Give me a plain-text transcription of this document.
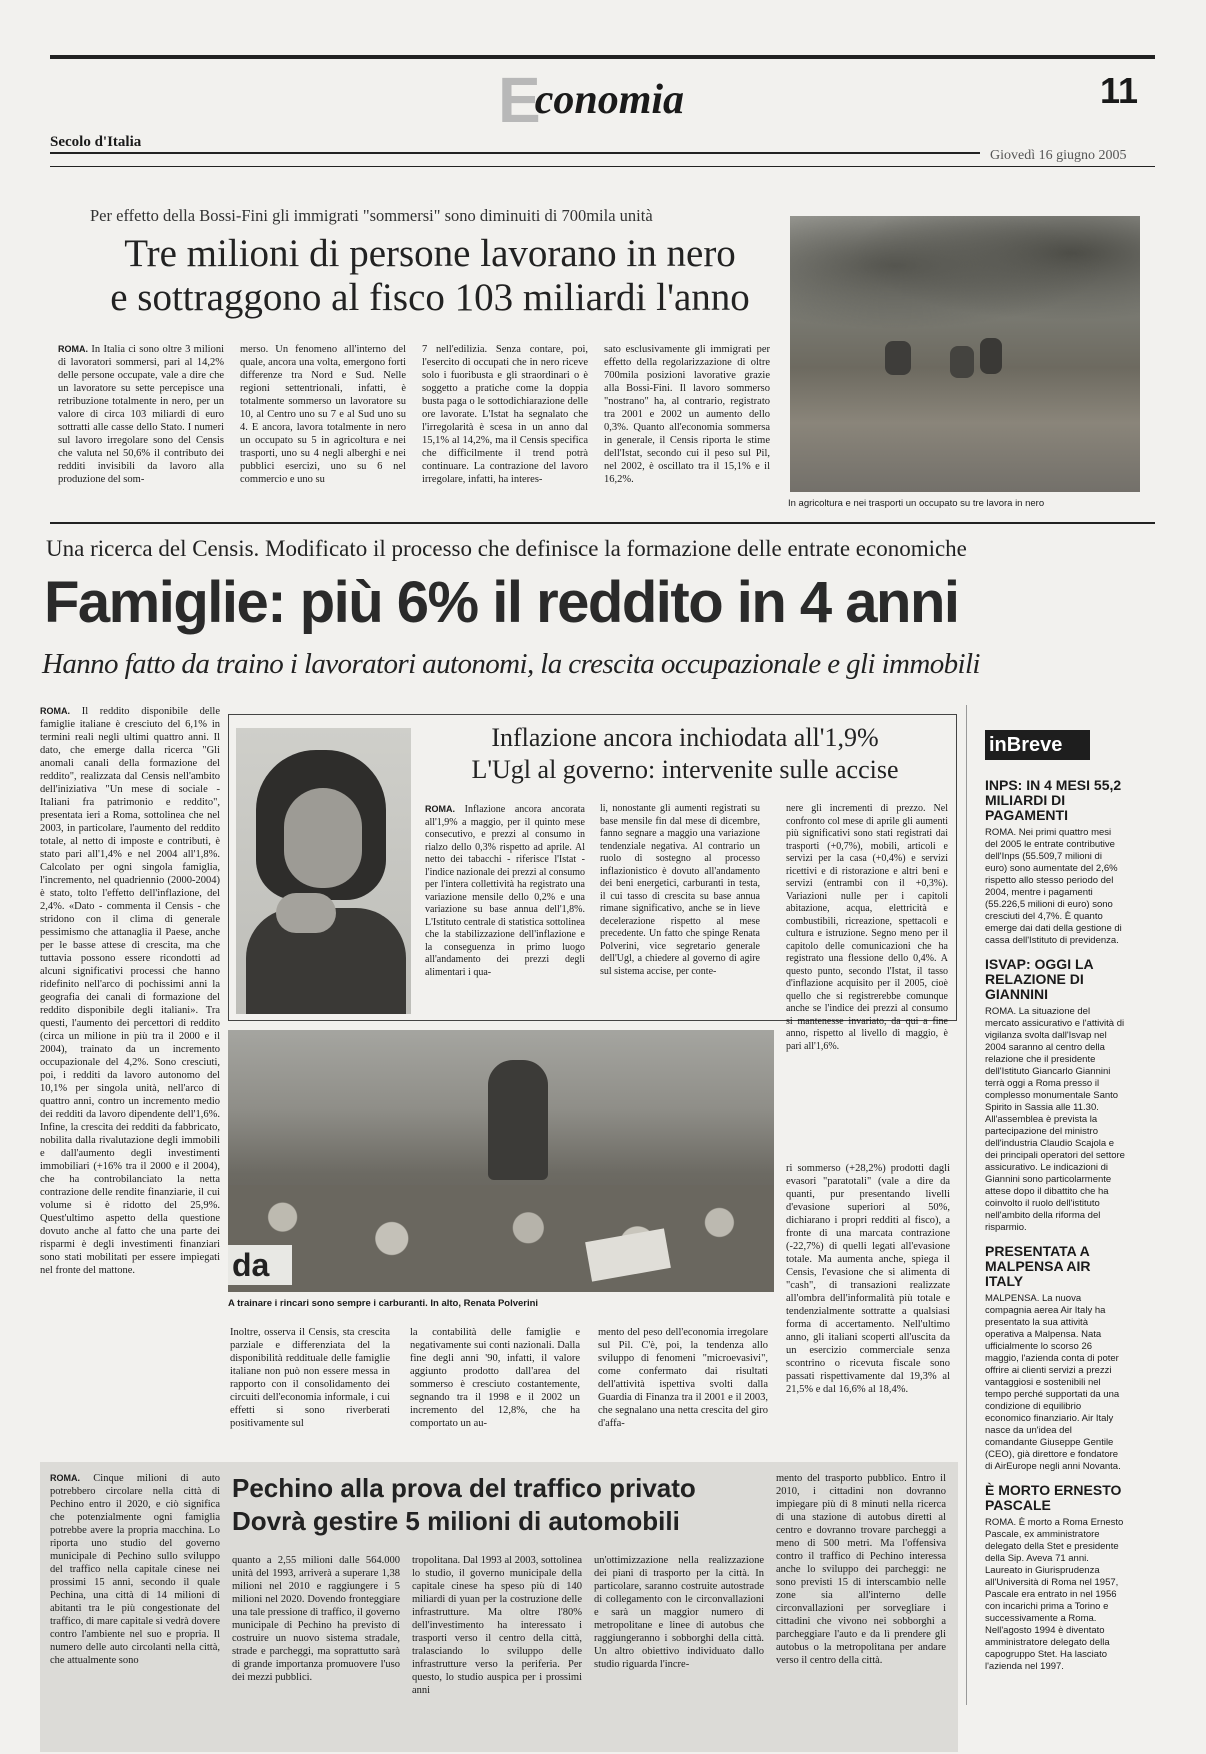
Economia	11
Secolo d'Italia
Giovedì 16 giugno 2005
Per effetto della Bossi-Fini gli immigrati "sommersi" sono diminuiti di 700mila unità
Tre milioni di persone lavorano in nero
e sottraggono al fisco 103 miliardi l'anno
ROMA. In Italia ci sono oltre 3 milioni di lavoratori sommersi, pari al 14,2% delle persone occupate, vale a dire che un lavoratore su sette percepisce una retribuzione totalmente in nero, per un valore di circa 103 miliardi di euro sottratti alle casse dello Stato. I numeri sul lavoro irregolare sono del Censis che valuta nel 50,6% il contributo dei redditi invisibili da lavoro alla produzione del som-
merso. Un fenomeno all'interno del quale, ancora una volta, emergono forti differenze tra Nord e Sud. Nelle regioni settentrionali, infatti, è totalmente sommerso un lavoratore su 10, al Centro uno su 7 e al Sud uno su 4. E ancora, lavora totalmente in nero un occupato su 5 in agricoltura e nei trasporti, uno su 4 negli alberghi e nei pubblici esercizi, uno su 6 nel commercio e uno su
7 nell'edilizia. Senza contare, poi, l'esercito di occupati che in nero riceve solo i fuoribusta e gli straordinari o è soggetto a pratiche come la doppia busta paga o le sottodichiarazione delle ore lavorate. L'Istat ha segnalato che l'irregolarità è scesa in un anno dal 15,1% al 14,2%, ma il Censis specifica che difficilmente il trend potrà continuare. La contrazione del lavoro irregolare, infatti, ha interes-
sato esclusivamente gli immigrati per effetto della regolarizzazione di oltre 700mila posizioni lavorative grazie alla Bossi-Fini. Il lavoro sommerso "nostrano" ha, al contrario, registrato tra 2001 e 2002 un aumento dello 0,3%. Quanto all'economia sommersa in generale, il Censis riporta le stime dell'Istat, secondo cui il peso sul Pil, nel 2002, è oscillato tra il 15,1% e il 16,2%.
In agricoltura e nei trasporti un occupato su tre lavora in nero
Una ricerca del Censis. Modificato il processo che definisce la formazione delle entrate economiche
Famiglie: più 6% il reddito in 4 anni
Hanno fatto da traino i lavoratori autonomi, la crescita occupazionale e gli immobili
ROMA. Il reddito disponibile delle famiglie italiane è cresciuto del 6,1% in termini reali negli ultimi quattro anni. Il dato, che emerge dalla ricerca "Gli anomali canali della formazione del reddito", realizzata dal Censis nell'ambito dell'iniziativa "Un mese di sociale - Italiani fra patrimonio e reddito", presentata ieri a Roma, sottolinea che nel 2003, in particolare, l'aumento del reddito totale, al netto di imposte e contributi, è stato pari all'1,4% e nel 2004 all'1,8%. Calcolato per ogni singola famiglia, l'incremento, nel quadriennio (2000-2004) è stato, tolto l'effetto dell'inflazione, del 2,4%. «Dato - commenta il Censis - che stridono con il clima di generale pessimismo che attanaglia il Paese, anche per le basse attese di crescita, ma che tuttavia possono essere ricondotti ad alcuni significativi processi che hanno ridefinito nell'arco di pochissimi anni la geografia dei canali di formazione del reddito disponibile degli italiani». Tra questi, l'aumento dei percettori di reddito (circa un milione in più tra il 2000 e il 2004), trainato da un incremento occupazionale del 4,2%. Sono cresciuti, poi, i redditi da lavoro autonomo del 10,1% per singola unità, nell'arco di quattro anni, contro un incremento medio dei redditi da lavoro dipendente dell'1,6%. Infine, la crescita dei redditi da fabbricato, nobilita dalla rivalutazione degli immobili e dall'aumento degli investimenti immobiliari (+16% tra il 2000 e il 2004), che ha controbilanciato la netta contrazione delle rendite finanziarie, il cui volume si è ridotto del 25,9%. Quest'ultimo aspetto della questione dovuto anche al fatto che una parte dei risparmi è degli investimenti finanziari sono stati mobilitati per essere impiegati nel fronte del mattone.
Inflazione ancora inchiodata all'1,9%
L'Ugl al governo: intervenite sulle accise
ROMA. Inflazione ancora ancorata all'1,9% a maggio, per il quinto mese consecutivo, e prezzi al consumo in rialzo dello 0,3% rispetto ad aprile. Al netto dei tabacchi - riferisce l'Istat - l'indice nazionale dei prezzi al consumo per l'intera collettività ha registrato una variazione mensile dello 0,2% e una variazione su base annua dell'1,8%. L'Istituto centrale di statistica sottolinea che la stabilizzazione dell'inflazione e la conseguenza in primo luogo all'andamento dei prezzi degli alimentari i qua-
li, nonostante gli aumenti registrati su base mensile fin dal mese di dicembre, fanno segnare a maggio una variazione tendenziale negativa. Al contrario un ruolo di sostegno al processo inflazionistico è dovuto all'andamento dei beni energetici, carburanti in testa, il cui tasso di crescita su base annua rimane significativo, anche se in lieve decelerazione rispetto al mese precedente. Un fatto che spinge Renata Polverini, vice segretario generale dell'Ugl, a chiedere al governo di agire sul sistema accise, per conte-
nere gli incrementi di prezzo. Nel confronto col mese di aprile gli aumenti più significativi sono stati registrati dai trasporti (+0,7%), mobili, articoli e servizi per la casa (+0,4%) e servizi ricettivi e di ristorazione e altri beni e servizi (entrambi con il +0,3%). Variazioni nulle per i capitoli abitazione, acqua, elettricità e combustibili, ricreazione, spettacoli e cultura e istruzione. Segno meno per il capitolo delle comunicazioni che ha registrato una flessione dello 0,4%. A questo punto, secondo l'Istat, il tasso d'inflazione acquisito per il 2005, cioè quello che si registrerebbe comunque anche se l'indice dei prezzi al consumo si mantenesse invariato, da qui a fine anno, rispetto al livello di maggio, è pari all'1,6%.
da
A trainare i rincari sono sempre i carburanti. In alto, Renata Polverini
ri sommerso (+28,2%) prodotti dagli evasori "paratotali" (vale a dire da quanti, pur presentando livelli d'evasione superiori al 50%, dichiarano i propri redditi al fisco), a fronte di una marcata contrazione (-22,7%) di quelli legati all'evasione totale. Ma aumenta anche, spiega il Censis, l'evasione che si alimenta di "cash", di transazioni realizzate all'ombra dell'informalità più totale e tendenzialmente sottratte a qualsiasi forma di accertamento. Nell'ultimo anno, gli italiani scoperti all'uscita da un esercizio commerciale senza scontrino o ricevuta fiscale sono passati rispettivamente dal 19,3% al 21,5% e dal 16,6% al 18,4%.
Inoltre, osserva il Censis, sta crescita parziale e differenziata del la disponibilità reddituale delle famiglie italiane non può non essere messa in rapporto con il consolidamento dei circuiti dell'economia informale, i cui effetti si sono riverberati positivamente sul
la contabilità delle famiglie e negativamente sui conti nazionali. Dalla fine degli anni '90, infatti, il valore aggiunto prodotto dall'area del sommerso è cresciuto costantemente, segnando tra il 1998 e il 2002 un incremento del 12,8%, che ha comportato un au-
mento del peso dell'economia irregolare sul Pil. C'è, poi, la tendenza allo sviluppo di fenomeni "microevasivi", come confermato dai risultati dell'attività ispettiva svolti dalla Guardia di Finanza tra il 2001 e il 2003, che segnalano una netta crescita del giro d'affa-
inBreve
INPS: IN 4 MESI 55,2 MILIARDI DI PAGAMENTI
ROMA. Nei primi quattro mesi del 2005 le entrate contributive dell'Inps (55.509,7 milioni di euro) sono aumentate del 2,6% rispetto allo stesso periodo del 2004, mentre i pagamenti (55.226,5 milioni di euro) sono cresciuti del 4,7%. È quanto emerge dai dati della gestione di cassa dell'Istituto di previdenza.
ISVAP: OGGI LA RELAZIONE DI GIANNINI
ROMA. La situazione del mercato assicurativo e l'attività di vigilanza svolta dall'Isvap nel 2004 saranno al centro della relazione che il presidente dell'Istituto Giancarlo Giannini terrà oggi a Roma presso il complesso monumentale Santo Spirito in Sassia alle 11.30. All'assemblea è prevista la partecipazione del ministro dell'industria Claudio Scajola e dei principali operatori del settore assicurativo. Le indicazioni di Giannini sono particolarmente attese dopo il dibattito che ha coinvolto il ruolo dell'istituto nell'ambito della riforma del risparmio.
PRESENTATA A MALPENSA AIR ITALY
MALPENSA. La nuova compagnia aerea Air Italy ha presentato la sua attività operativa a Malpensa. Nata ufficialmente lo scorso 26 maggio, l'azienda conta di poter offrire ai clienti servizi a prezzi vantaggiosi e sostenibili nel tempo perché supportati da una condizione di equilibrio economico finanziario. Air Italy nasce da un'idea del comandante Giuseppe Gentile (CEO), già direttore e fondatore di AirEurope negli anni Novanta.
È MORTO ERNESTO PASCALE
ROMA. È morto a Roma Ernesto Pascale, ex amministratore delegato della Stet e presidente della Sip. Aveva 71 anni. Laureato in Giurisprudenza all'Università di Roma nel 1957, Pascale era entrato in nel 1956 con incarichi prima a Torino e successivamente a Roma. Nell'agosto 1994 è diventato amministratore delegato della capogruppo Stet. Ha lasciato l'azienda nel 1997.
ROMA. Cinque milioni di auto potrebbero circolare nella città di Pechino entro il 2020, e ciò significa che potenzialmente ogni famiglia potrebbe avere la propria macchina. Lo riporta uno studio del governo municipale di Pechino sullo sviluppo del traffico nella capitale cinese nei prossimi 15 anni, secondo il quale Pechina, una città di 14 milioni di abitanti tra le più congestionate del traffico, di mare capitale si vedrà dovere contro l'ambiente nel suo e propria. Il numero delle auto circolanti nella città, che attualmente sono
Pechino alla prova del traffico privato
Dovrà gestire 5 milioni di automobili
quanto a 2,55 milioni dalle 564.000 unità del 1993, arriverà a superare 1,38 milioni nel 2010 e raggiungere i 5 milioni nel 2020. Dovendo fronteggiare una tale pressione di traffico, il governo municipale di Pechino ha previsto di costruire un nuovo sistema stradale, strade e parcheggi, ma soprattutto sarà di grande importanza promuovere l'uso dei mezzi pubblici.
tropolitana. Dal 1993 al 2003, sottolinea lo studio, il governo municipale della capitale cinese ha speso più di 140 miliardi di yuan per la costruzione delle infrastrutture. Ma oltre l'80% dell'investimento ha interessato i trasporti verso il centro della città, tralasciando lo sviluppo delle infrastrutture verso la periferia. Per questo, lo studio auspica per i prossimi anni
un'ottimizzazione nella realizzazione dei piani di trasporto per la città. In particolare, saranno costruite autostrade di collegamento con le circonvallazioni e sarà un maggior numero di metropolitane e linee di autobus che raggiungeranno i sobborghi della città. Un altro obiettivo individuato dallo studio riguarda l'incre-
mento del trasporto pubblico. Entro il 2010, i cittadini non dovranno impiegare più di 8 minuti nella ricerca di una stazione di autobus diretti al centro e dovranno trovare parcheggi a meno di 500 metri. Ma l'offensiva contro il traffico di Pechino interessa anche lo sviluppo dei parcheggi: ne sono previsti 15 di interscambio nelle zone sia all'interno delle circonvallazioni per sorvegliare i cittadini che vivono nei sobborghi a parcheggiare l'auto e da lì prendere gli autobus o la metropolitana per andare verso il centro della città.
